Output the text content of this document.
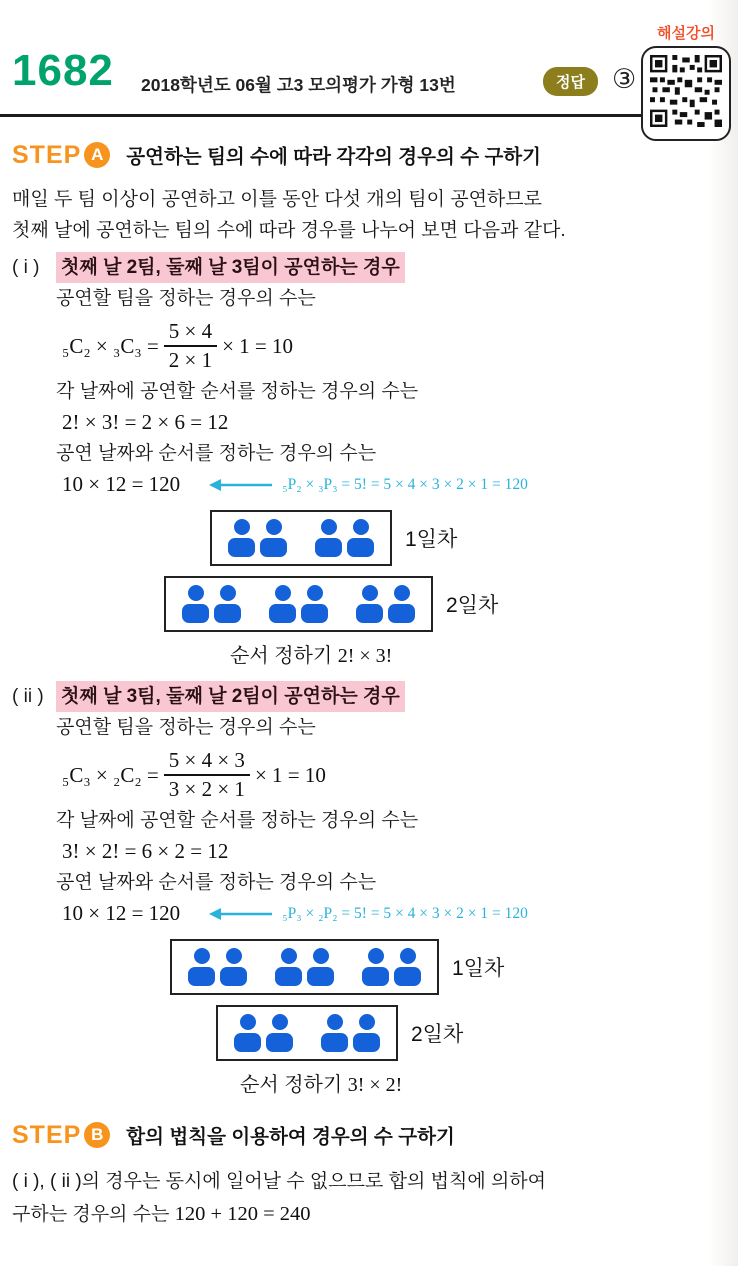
1682 2018학년도 06월 고3 모의평가 가형 13번	정답	③
해설강의
STEP A	공연하는 팀의 수에 따라 각각의 경우의 수 구하기
매일 두 팀 이상이 공연하고 이틀 동안 다섯 개의 팀이 공연하므로
첫째 날에 공연하는 팀의 수에 따라 경우를 나누어 보면 다음과 같다.
( i )	첫째 날 2팀, 둘째 날 3팀이 공연하는 경우
공연할 팀을 정하는 경우의 수는
$_5C_2 \times _3C_3 = \frac{5 \times 4}{2 \times 1} \times 1 = 10$
각 날짜에 공연할 순서를 정하는 경우의 수는
2! × 3! = 2 × 6 = 12
공연 날짜와 순서를 정하는 경우의 수는
10 × 12 = 120	₅P₂ × ₃P₃ = 5! = 5 × 4 × 3 × 2 × 1 = 120
1일차
2일차
순서 정하기 2! × 3!
( ii ) 첫째 날 3팀, 둘째 날 2팀이 공연하는 경우
공연할 팀을 정하는 경우의 수는
$_5C_3 \times _2C_2 = \frac{5 \times 4 \times 3}{3 \times 2 \times 1} \times 1 = 10$
각 날짜에 공연할 순서를 정하는 경우의 수는
3! × 2! = 6 × 2 = 12
공연 날짜와 순서를 정하는 경우의 수는
10 × 12 = 120	₅P₃ × ₂P₂ = 5! = 5 × 4 × 3 × 2 × 1 = 120
1일차
2일차
순서 정하기 3! × 2!
STEP B	합의 법칙을 이용하여 경우의 수 구하기
( i ), ( ii )의 경우는 동시에 일어날 수 없으므로 합의 법칙에 의하여
구하는 경우의 수는 120 + 120 = 240
